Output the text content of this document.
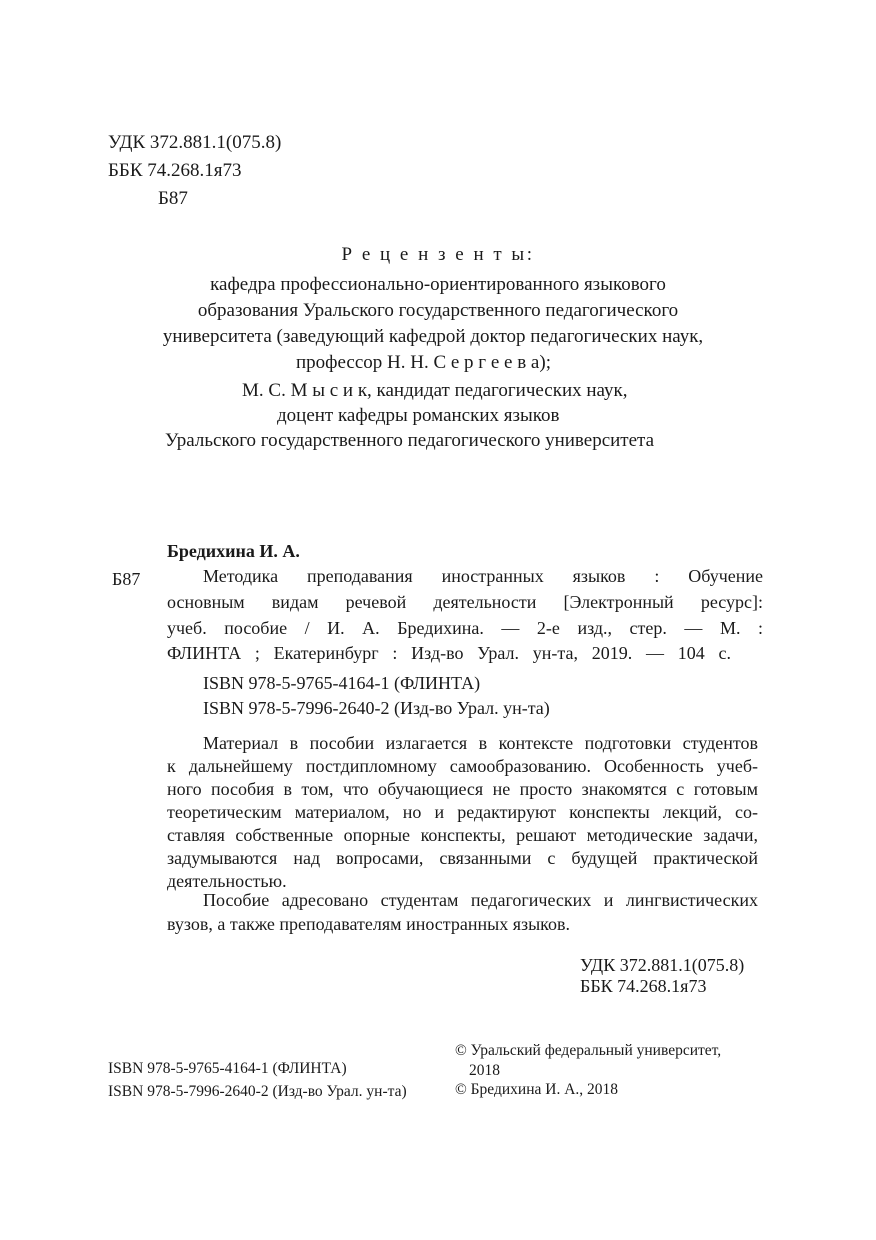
УДК 372.881.1(075.8)
ББК 74.268.1я73
Б87
Р е ц е н з е н т ы:
кафедра профессионально-ориентированного языкового
образования Уральского государственного педагогического
университета (заведующий кафедрой доктор педагогических наук,
профессор Н. Н. С е р г е е в а);
М. С. М ы с и к, кандидат педагогических наук,
доцент кафедры романских языков
Уральского государственного педагогического университета
Бредихина И. А.
Б87	Методика преподавания иностранных языков : Обучение
основным видам речевой деятельности [Электронный ресурс]:
учеб. пособие / И. А. Бредихина. — 2-е изд., стер. — М. :
ФЛИНТА ; Екатеринбург : Изд-во Урал. ун-та, 2019. — 104 с.
ISBN 978-5-9765-4164-1 (ФЛИНТА)
ISBN 978-5-7996-2640-2 (Изд-во Урал. ун-та)
Материал в пособии излагается в контексте подготовки студентов
к дальнейшему постдипломному самообразованию. Особенность учеб-
ного пособия в том, что обучающиеся не просто знакомятся с готовым
теоретическим материалом, но и редактируют конспекты лекций, со-
ставляя собственные опорные конспекты, решают методические задачи,
задумываются над вопросами, связанными с будущей практической
деятельностью.
Пособие адресовано студентам педагогических и лингвистических
вузов, а также преподавателям иностранных языков.
УДК 372.881.1(075.8)
ББК 74.268.1я73
ISBN 978-5-9765-4164-1 (ФЛИНТА)
ISBN 978-5-7996-2640-2 (Изд-во Урал. ун-та)
© Уральский федеральный университет,
2018
© Бредихина И. А., 2018
